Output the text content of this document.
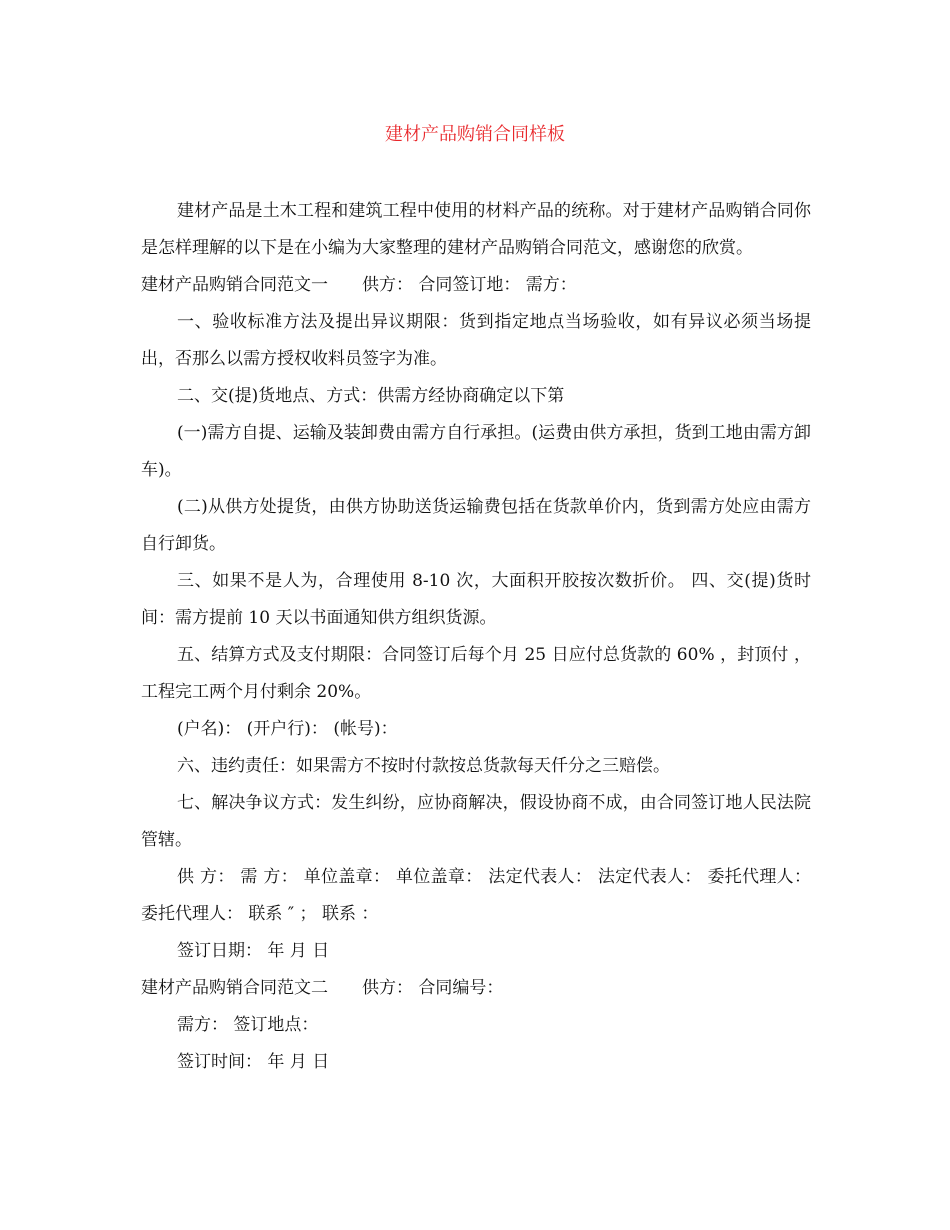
建材产品购销合同样板

建材产品是土木工程和建筑工程中使用的材料产品的统称。对于建材产品购销合同你是怎样理解的以下是在小编为大家整理的建材产品购销合同范文，感谢您的欣赏。

建材产品购销合同范文一 供方： 合同签订地： 需方：

一、验收标准方法及提出异议期限：货到指定地点当场验收，如有异议必须当场提出，否那么以需方授权收料员签字为准。

二、交(提)货地点、方式：供需方经协商确定以下第

(一)需方自提、运输及装卸费由需方自行承担。(运费由供方承担，货到工地由需方卸车)。

(二)从供方处提货，由供方协助送货运输费包括在货款单价内，货到需方处应由需方自行卸货。

三、如果不是人为，合理使用 8-10 次，大面积开胶按次数折价。 四、交(提)货时间：需方提前 10 天以书面通知供方组织货源。

五、结算方式及支付期限：合同签订后每个月 25 日应付总货款的 60% ，封顶付 ，工程完工两个月付剩余 20%。

(户名)： (开户行)： (帐号)：

六、违约责任：如果需方不按时付款按总货款每天仟分之三赔偿。

七、解决争议方式：发生纠纷，应协商解决，假设协商不成，由合同签订地人民法院管辖。

供 方： 需 方： 单位盖章： 单位盖章： 法定代表人： 法定代表人： 委托代理人： 委托代理人： 联系 ″ ； 联系 ：

签订日期： 年 月 日

建材产品购销合同范文二 供方： 合同编号：

需方： 签订地点：

签订时间： 年 月 日
